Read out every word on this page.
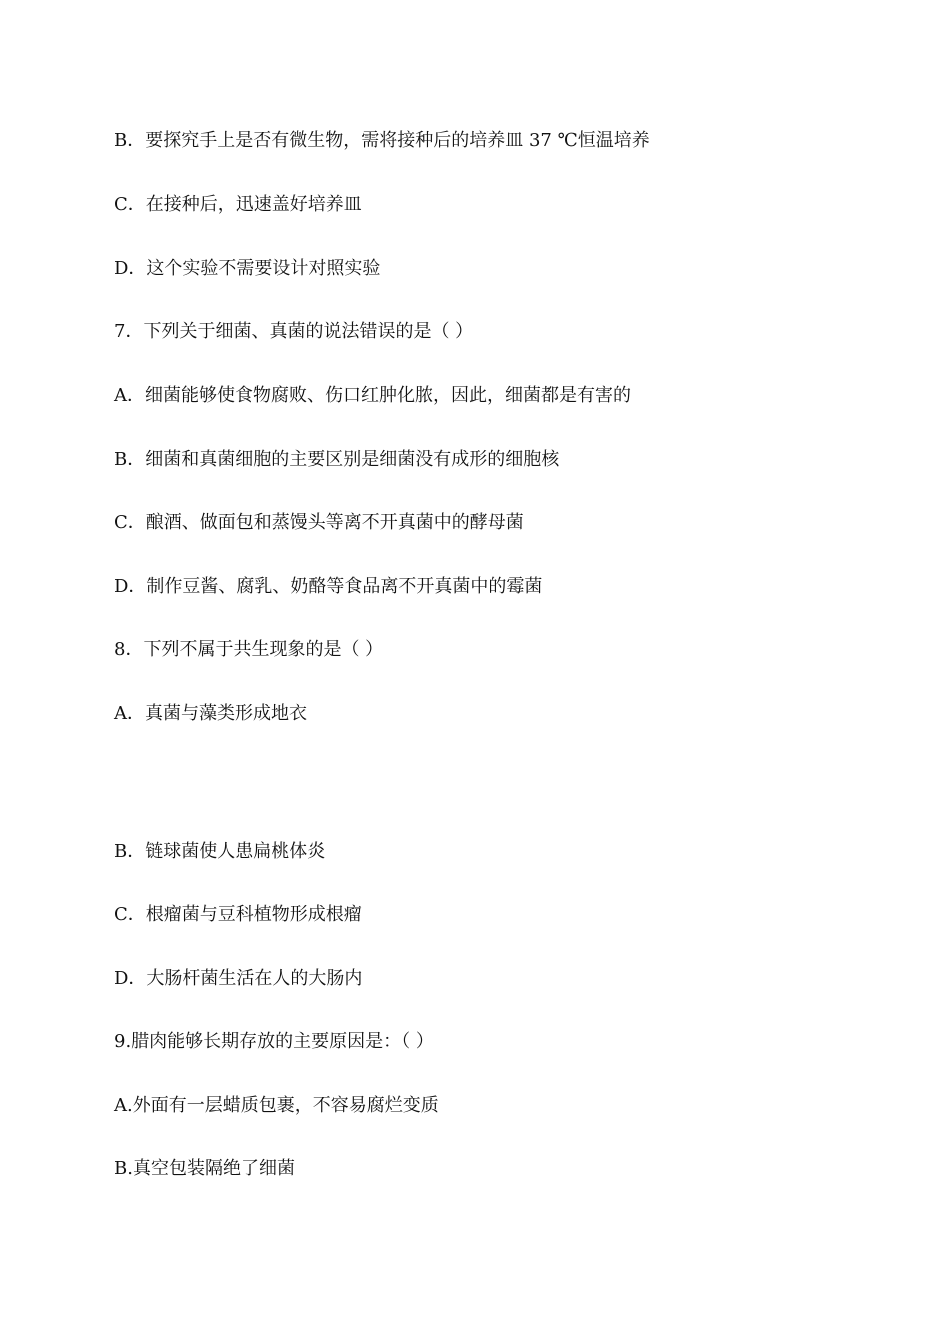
B．要探究手上是否有微生物，需将接种后的培养皿 37 ℃恒温培养
C．在接种后，迅速盖好培养皿
D．这个实验不需要设计对照实验
7．下列关于细菌、真菌的说法错误的是（ ）
A．细菌能够使食物腐败、伤口红肿化脓，因此，细菌都是有害的
B．细菌和真菌细胞的主要区别是细菌没有成形的细胞核
C．酿酒、做面包和蒸馒头等离不开真菌中的酵母菌
D．制作豆酱、腐乳、奶酪等食品离不开真菌中的霉菌
8．下列不属于共生现象的是（ ）
A．真菌与藻类形成地衣
B．链球菌使人患扁桃体炎
C．根瘤菌与豆科植物形成根瘤
D．大肠杆菌生活在人的大肠内
9.腊肉能够长期存放的主要原因是：（ ）
A.外面有一层蜡质包裹，不容易腐烂变质
B.真空包装隔绝了细菌
